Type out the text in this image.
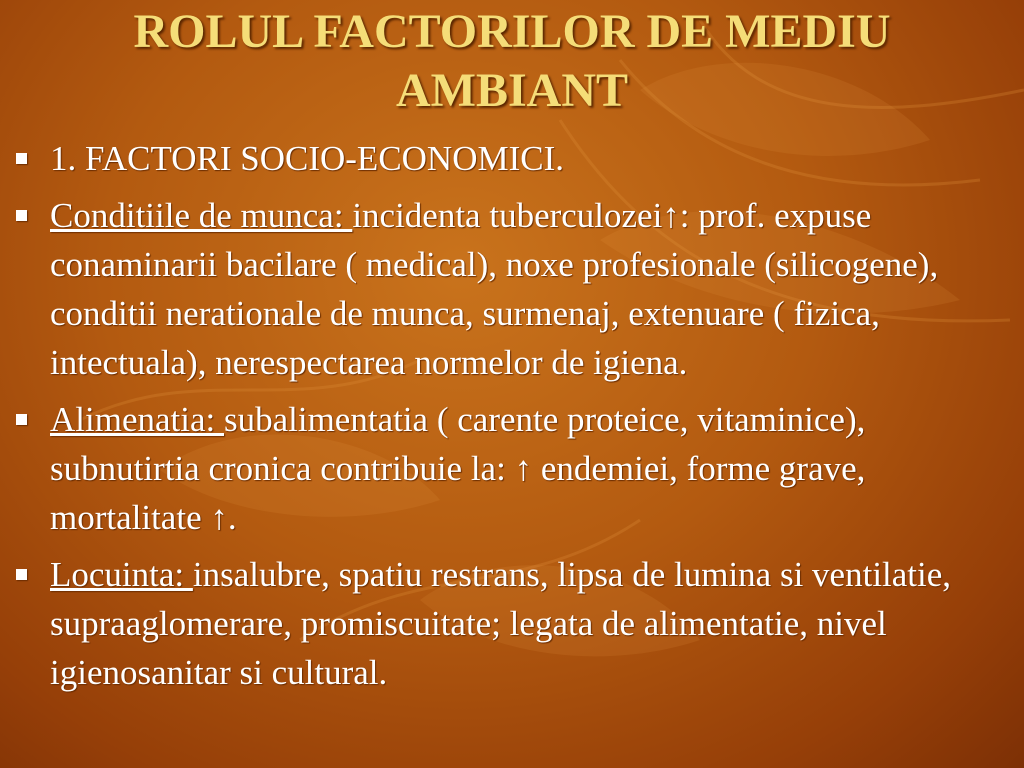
ROLUL FACTORILOR DE MEDIU AMBIANT
1. FACTORI SOCIO-ECONOMICI.
Conditiile de munca: incidenta tuberculozei↑: prof. expuse conaminarii bacilare ( medical), noxe profesionale (silicogene), conditii nerationale de munca, surmenaj, extenuare ( fizica, intectuala), nerespectarea normelor de igiena.
Alimenatia: subalimentatia ( carente proteice, vitaminice), subnutirtia cronica contribuie la: ↑ endemiei, forme grave, mortalitate ↑.
Locuinta: insalubre, spatiu restrans, lipsa de lumina si ventilatie, supraaglomerare, promiscuitate; legata de alimentatie, nivel igienosanitar si cultural.
